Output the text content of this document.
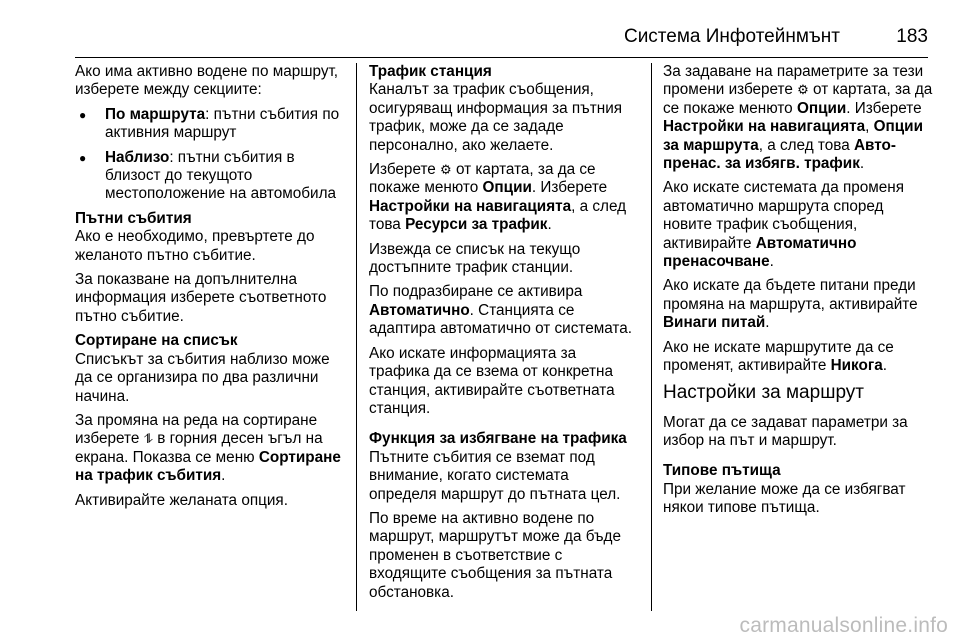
Система Инфотейнмънт	183

Ако има активно водене по маршрут, изберете между секциите:

● По маршрута: пътни събития по активния маршрут
● Наблизо: пътни събития в близост до текущото местоположение на автомобила

Пътни събития
Ако е необходимо, превъртете до желаното пътно събитие.

За показване на допълнителна информация изберете съответното пътно събитие.

Сортиране на списък
Списъкът за събития наблизо може да се организира по два различни начина.

За промяна на реда на сортиране изберете ⥮ в горния десен ъгъл на екрана. Показва се меню Сортиране на трафик събития.

Активирайте желаната опция.

Трафик станция
Каналът за трафик съобщения, осигуряващ информация за пътния трафик, може да се зададе персонално, ако желаете.

Изберете ⚙ от картата, за да се покаже менюто Опции. Изберете Настройки на навигацията, а след това Ресурси за трафик.

Извежда се списък на текущо достъпните трафик станции.

По подразбиране се активира Автоматично. Станцията се адаптира автоматично от системата.

Ако искате информацията за трафика да се взема от конкретна станция, активирайте съответната станция.

Функция за избягване на трафика
Пътните събития се вземат под внимание, когато системата определя маршрут до пътната цел.

По време на активно водене по маршрут, маршрутът може да бъде променен в съответствие с входящите съобщения за пътната обстановка.

За задаване на параметрите за тези промени изберете ⚙ от картата, за да се покаже менюто Опции. Изберете Настройки на навигацията, Опции за маршрута, а след това Авто-пренас. за избягв. трафик.

Ако искате системата да променя автоматично маршрута според новите трафик съобщения, активирайте Автоматично пренасочване.

Ако искате да бъдете питани преди промяна на маршрута, активирайте Винаги питай.

Ако не искате маршрутите да се променят, активирайте Никога.

Настройки за маршрут

Могат да се задават параметри за избор на път и маршрут.

Типове пътища
При желание може да се избягват някои типове пътища.

carmanualsonline.info
